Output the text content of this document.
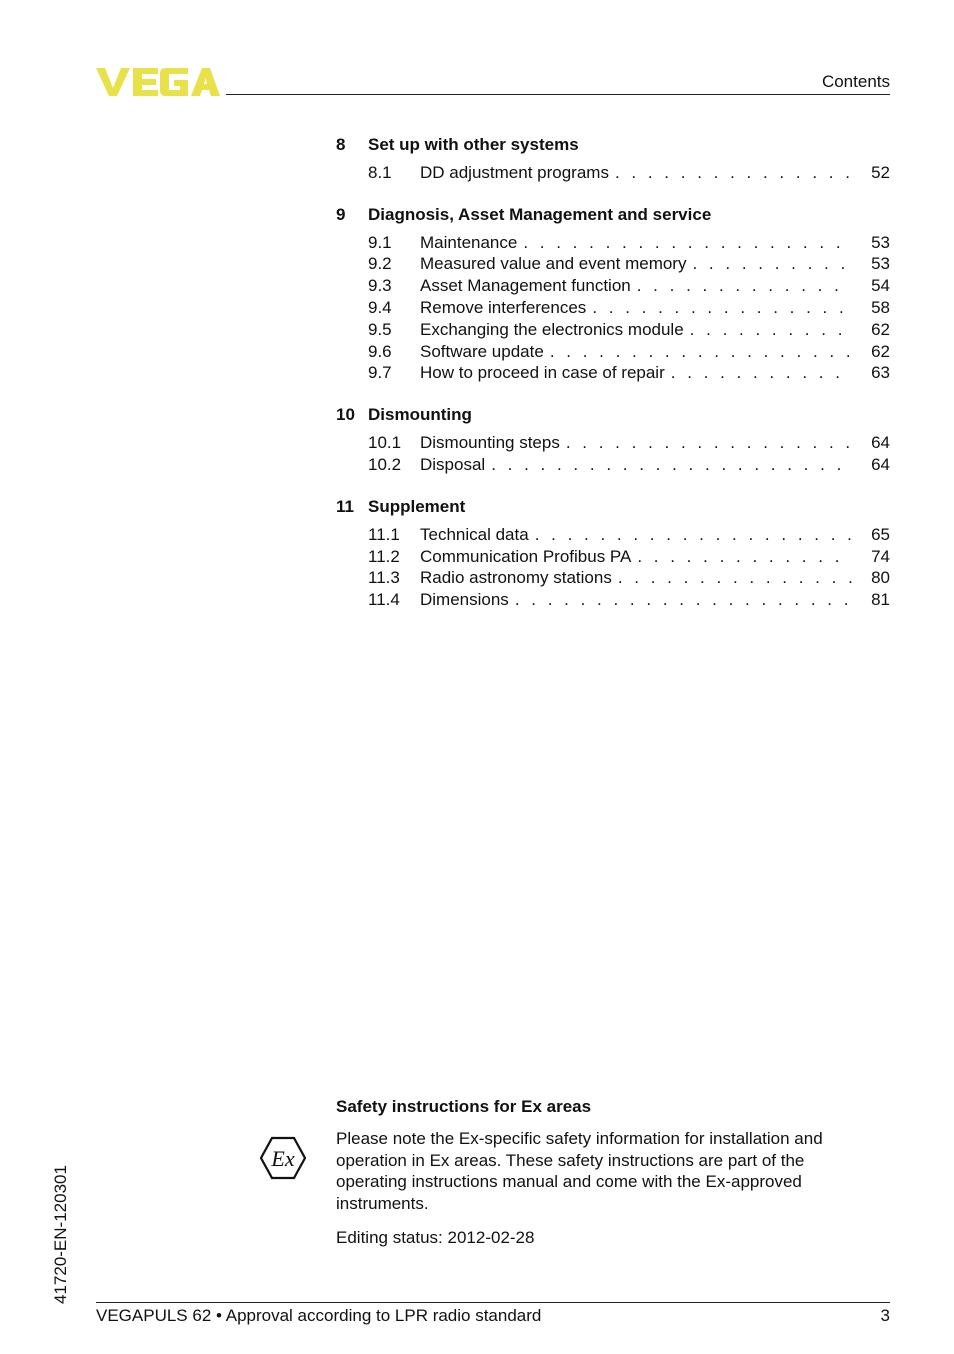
Contents
8	Set up with other systems
8.1	DD adjustment programs . . .	52
9	Diagnosis, Asset Management and service
9.1	Maintenance . . .	53
9.2	Measured value and event memory . . .	53
9.3	Asset Management function . . .	54
9.4	Remove interferences . . .	58
9.5	Exchanging the electronics module . . .	62
9.6	Software update . . .	62
9.7	How to proceed in case of repair . . .	63
10 Dismounting
10.1	Dismounting steps . . .	64
10.2	Disposal . . .	64
11 Supplement
11.1	Technical data . . .	65
11.2	Communication Profibus PA . . .	74
11.3	Radio astronomy stations . . .	80
11.4	Dimensions . . .	81
Ex
Safety instructions for Ex areas
Please note the Ex-specific safety information for installation and operation in Ex areas. These safety instructions are part of the operating instructions manual and come with the Ex-approved instruments.
Editing status: 2012-02-28
41720-EN-120301
VEGAPULS 62 • Approval according to LPR radio standard	3
